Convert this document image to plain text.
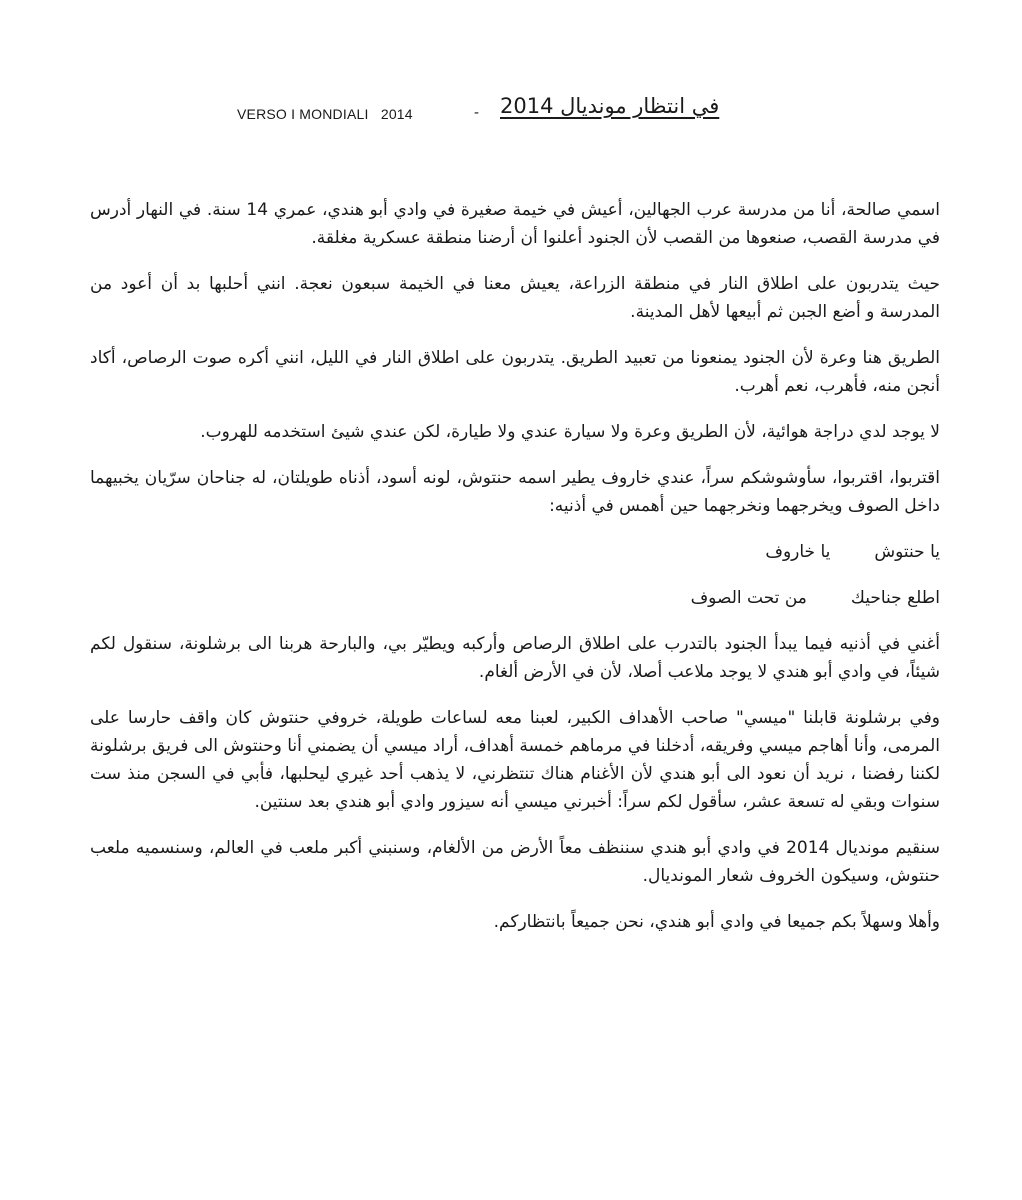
VERSO I MONDIALI   2014	- في انتظار مونديال 2014

اسمي صالحة، أنا من مدرسة عرب الجهالين، أعيش في خيمة صغيرة في وادي أبو هندي، عمري 14 سنة. في النهار أدرس في مدرسة القصب، صنعوها من القصب لأن الجنود أعلنوا أن أرضنا منطقة عسكرية مغلقة.

حيث يتدربون على اطلاق النار في منطقة الزراعة، يعيش معنا في الخيمة سبعون نعجة. انني أحلبها بد أن أعود من المدرسة و أضع الجبن ثم أبيعها لأهل المدينة.

الطريق هنا وعرة لأن الجنود يمنعونا من تعبيد الطريق. يتدربون على اطلاق النار في الليل، انني أكره صوت الرصاص، أكاد أنجن منه، فأهرب، نعم أهرب.

لا يوجد لدي دراجة هوائية، لأن الطريق وعرة ولا سيارة عندي ولا طيارة، لكن عندي شيئ استخدمه للهروب.

اقتربوا، اقتربوا، سأوشوشكم سراً، عندي خاروف يطير اسمه حنتوش، لونه أسود، أذناه طويلتان، له جناحان سرّيان يخبيهما داخل الصوف ويخرجهما ونخرجهما حين أهمس في أذنيه:

يا حنتوش
يا خاروف
اطلع جناحيك
من تحت الصوف

أغني في أذنيه فيما يبدأ الجنود بالتدرب على اطلاق الرصاص وأركبه ويطيّر بي، والبارحة هربنا الى برشلونة، سنقول لكم شيئاً، في وادي أبو هندي لا يوجد ملاعب أصلا، لأن في الأرض ألغام.

وفي برشلونة قابلنا "ميسي" صاحب الأهداف الكبير، لعبنا معه لساعات طويلة، خروفي حنتوش كان واقف حارسا على المرمى، وأنا أهاجم ميسي وفريقه، أدخلنا في مرماهم خمسة أهداف، أراد ميسي أن يضمني أنا وحنتوش الى فريق برشلونة لكننا رفضنا ، نريد أن نعود الى أبو هندي لأن الأغنام هناك تنتظرني، لا يذهب أحد غيري ليحلبها، فأبي في السجن منذ ست سنوات وبقي له تسعة عشر، سأقول لكم سراً: أخبرني ميسي أنه سيزور وادي أبو هندي بعد سنتين.

سنقيم مونديال 2014 في وادي أبو هندي سننظف معاً الأرض من الألغام، وسنبني أكبر ملعب في العالم، وسنسميه ملعب حنتوش، وسيكون الخروف شعار المونديال.

وأهلا وسهلاً بكم جميعا في وادي أبو هندي، نحن جميعاً بانتظاركم.
